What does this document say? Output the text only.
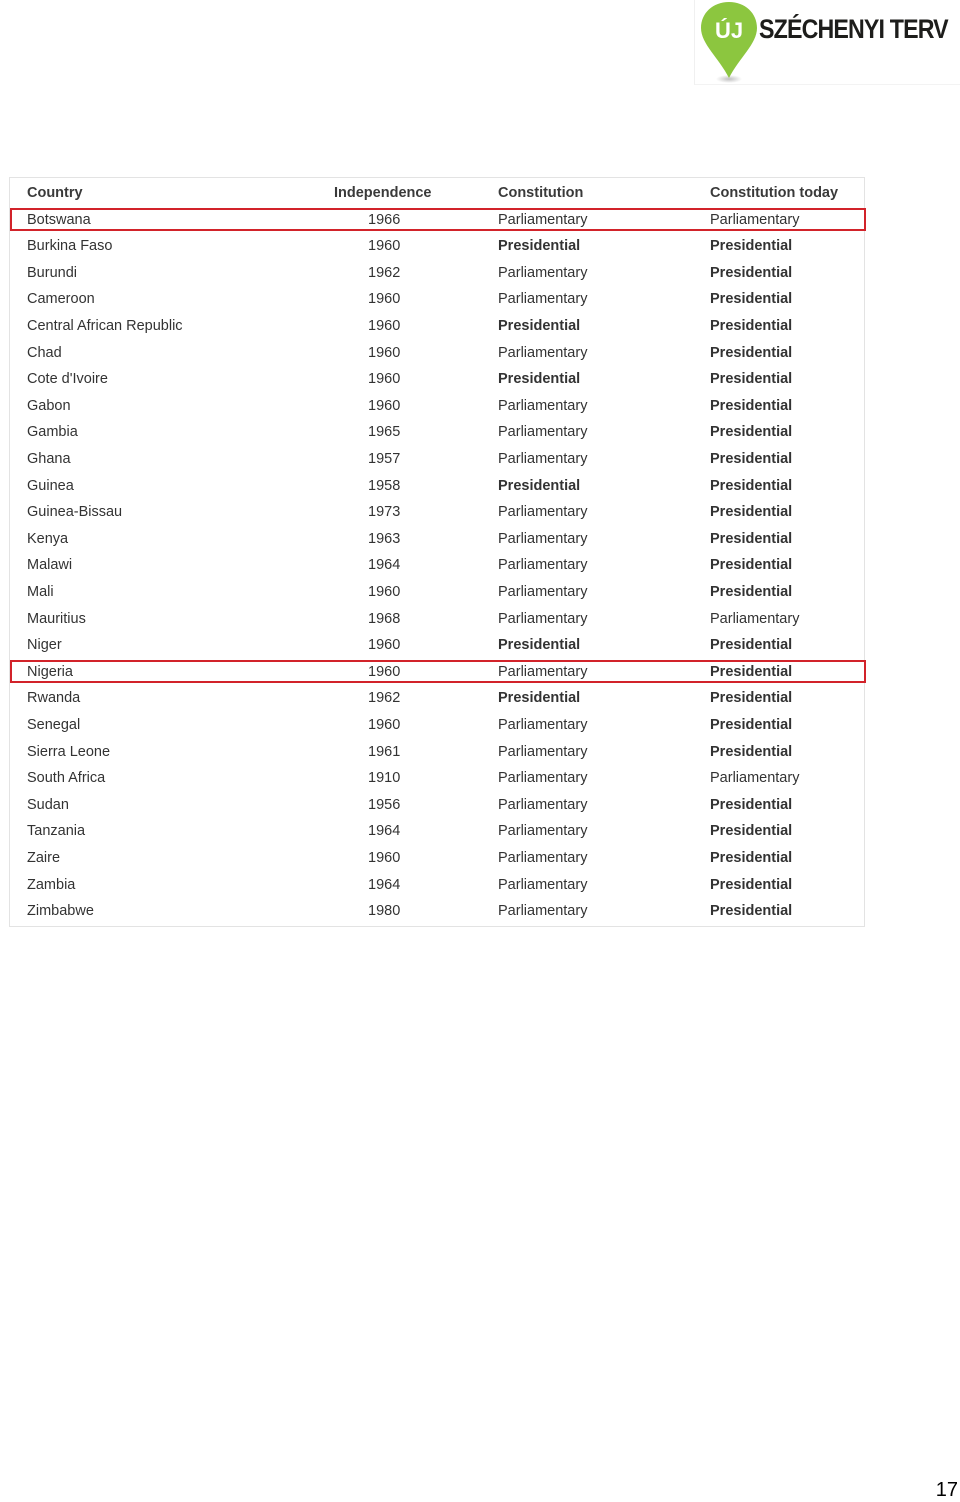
ÚJ SZÉCHENYI TERV
Country	Independence	Constitution	Constitution today
Botswana	1966	Parliamentary	Parliamentary
Burkina Faso	1960	Presidential	Presidential
Burundi	1962	Parliamentary	Presidential
Cameroon	1960	Parliamentary	Presidential
Central African Republic	1960	Presidential	Presidential
Chad	1960	Parliamentary	Presidential
Cote d'Ivoire	1960	Presidential	Presidential
Gabon	1960	Parliamentary	Presidential
Gambia	1965	Parliamentary	Presidential
Ghana	1957	Parliamentary	Presidential
Guinea	1958	Presidential	Presidential
Guinea-Bissau	1973	Parliamentary	Presidential
Kenya	1963	Parliamentary	Presidential
Malawi	1964	Parliamentary	Presidential
Mali	1960	Parliamentary	Presidential
Mauritius	1968	Parliamentary	Parliamentary
Niger	1960	Presidential	Presidential
Nigeria	1960	Parliamentary	Presidential
Rwanda	1962	Presidential	Presidential
Senegal	1960	Parliamentary	Presidential
Sierra Leone	1961	Parliamentary	Presidential
South Africa	1910	Parliamentary	Parliamentary
Sudan	1956	Parliamentary	Presidential
Tanzania	1964	Parliamentary	Presidential
Zaire	1960	Parliamentary	Presidential
Zambia	1964	Parliamentary	Presidential
Zimbabwe	1980	Parliamentary	Presidential
17
